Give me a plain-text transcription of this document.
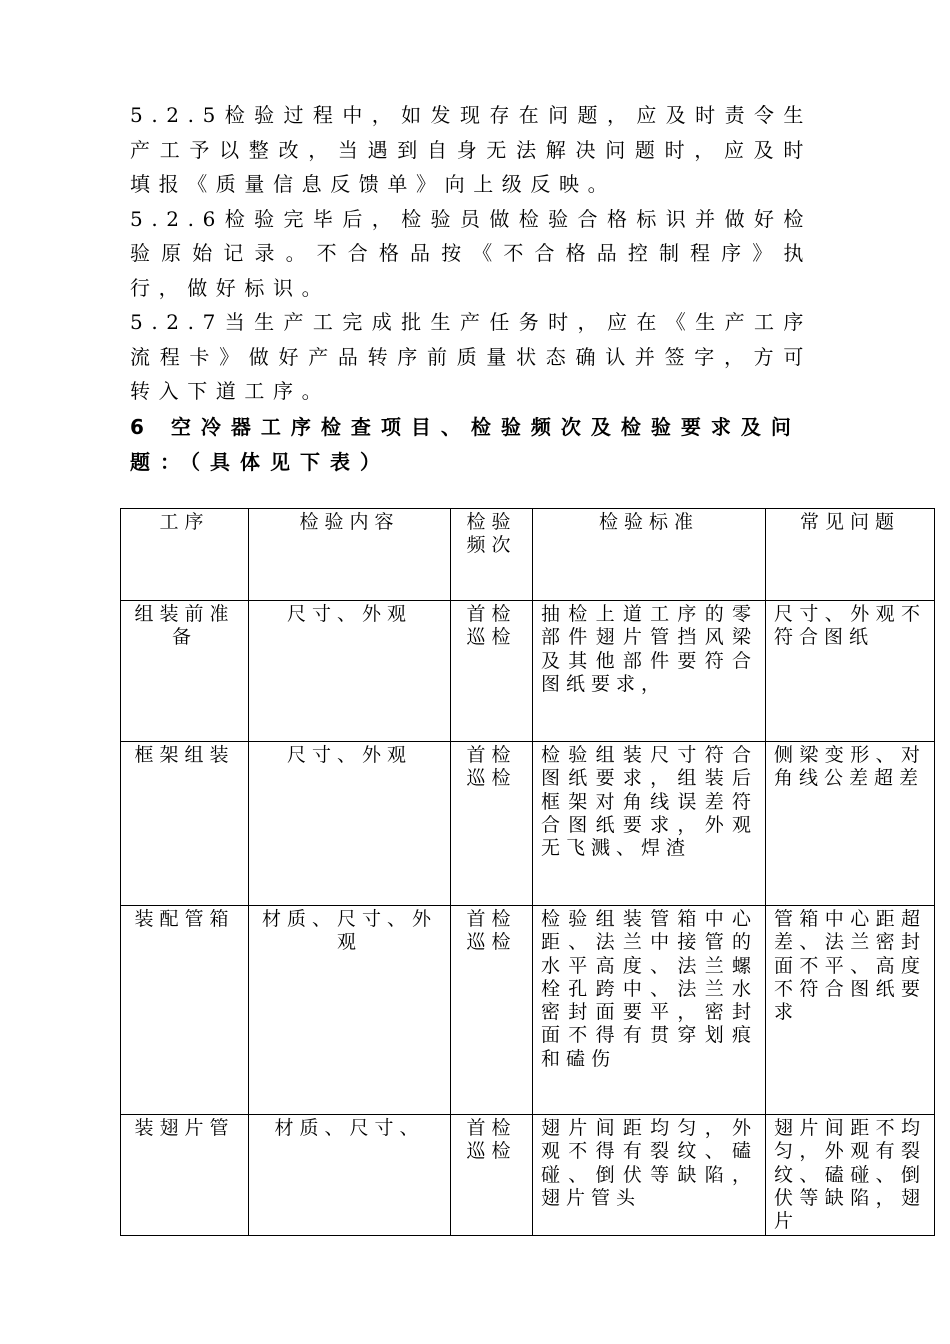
5.2.5检验过程中，如发现存在问题，应及时责令生产工予以整改，当遇到自身无法解决问题时，应及时填报《质量信息反馈单》向上级反映。

5.2.6检验完毕后，检验员做检验合格标识并做好检验原始记录。不合格品按《不合格品控制程序》执行，做好标识。

5.2.7当生产工完成批生产任务时，应在《生产工序流程卡》做好产品转序前质量状态确认并签字，方可转入下道工序。

6 空冷器工序检查项目、检验频次及检验要求及问题：（具体见下表）
工序	检验内容	检验频次	检验标准	常见问题
组装前准备	尺寸、外观	首检巡检	抽检上道工序的零部件翅片管挡风梁及其他部件要符合图纸要求，	尺寸、外观不符合图纸
框架组装	尺寸、外观	首检巡检	检验组装尺寸符合图纸要求，组装后框架对角线误差符合图纸要求，外观无飞溅、焊渣	侧梁变形、对角线公差超差
装配管箱	材质、尺寸、外观	首检巡检	检验组装管箱中心距、法兰中接管的水平高度、法兰螺栓孔跨中、法兰水密封面要平，密封面不得有贯穿划痕和磕伤	管箱中心距超差、法兰密封面不平、高度不符合图纸要求
装翅片管	材质、尺寸、	首检巡检	翅片间距均匀，外观不得有裂纹、磕碰、倒伏等缺陷，翅片管头	翅片间距不均匀，外观有裂纹、磕碰、倒伏等缺陷，翅片
